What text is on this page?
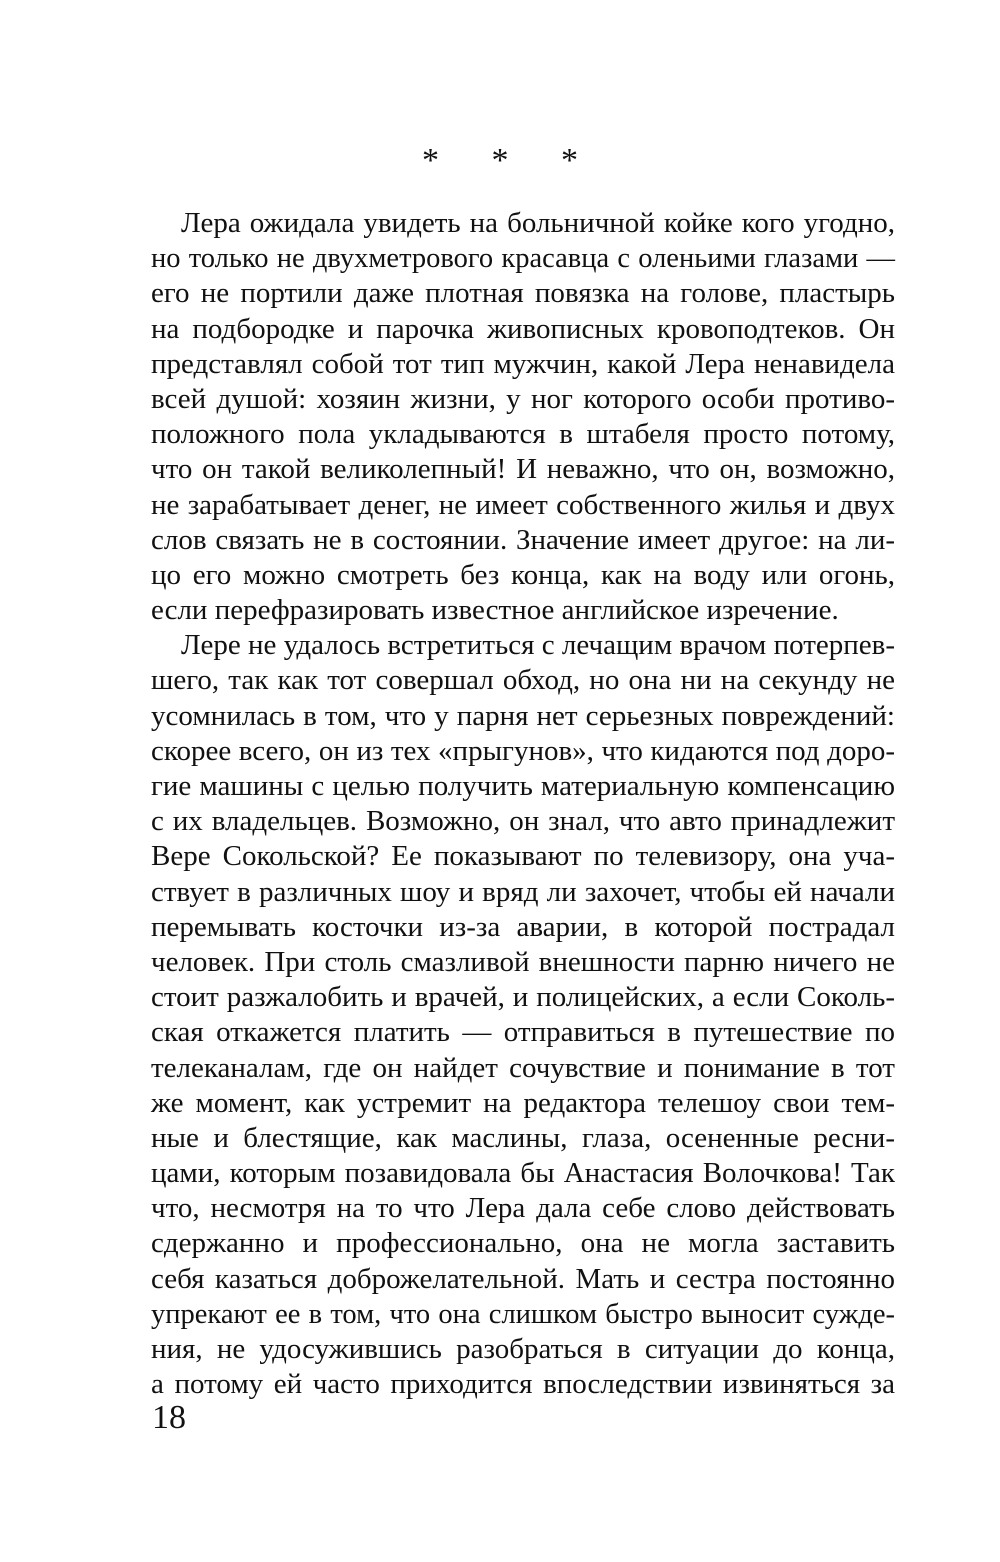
* * *
Лера ожидала увидеть на больничной койке кого угодно,
но только не двухметрового красавца с оленьими глазами —
его не портили даже плотная повязка на голове, пластырь
на подбородке и парочка живописных кровоподтеков. Он
представлял собой тот тип мужчин, какой Лера ненавидела
всей душой: хозяин жизни, у ног которого особи противо-
положного пола укладываются в штабеля просто потому,
что он такой великолепный! И неважно, что он, возможно,
не зарабатывает денег, не имеет собственного жилья и двух
слов связать не в состоянии. Значение имеет другое: на ли-
цо его можно смотреть без конца, как на воду или огонь,
если перефразировать известное английское изречение.
Лере не удалось встретиться с лечащим врачом потерпев-
шего, так как тот совершал обход, но она ни на секунду не
усомнилась в том, что у парня нет серьезных повреждений:
скорее всего, он из тех «прыгунов», что кидаются под доро-
гие машины с целью получить материальную компенсацию
с их владельцев. Возможно, он знал, что авто принадлежит
Вере Сокольской? Ее показывают по телевизору, она уча-
ствует в различных шоу и вряд ли захочет, чтобы ей начали
перемывать косточки из-за аварии, в которой пострадал
человек. При столь смазливой внешности парню ничего не
стоит разжалобить и врачей, и полицейских, а если Соколь-
ская откажется платить — отправиться в путешествие по
телеканалам, где он найдет сочувствие и понимание в тот
же момент, как устремит на редактора телешоу свои тем-
ные и блестящие, как маслины, глаза, осененные ресни-
цами, которым позавидовала бы Анастасия Волочкова! Так
что, несмотря на то что Лера дала себе слово действовать
сдержанно и профессионально, она не могла заставить
себя казаться доброжелательной. Мать и сестра постоянно
упрекают ее в том, что она слишком быстро выносит сужде-
ния, не удосужившись разобраться в ситуации до конца,
а потому ей часто приходится впоследствии извиняться за
18
